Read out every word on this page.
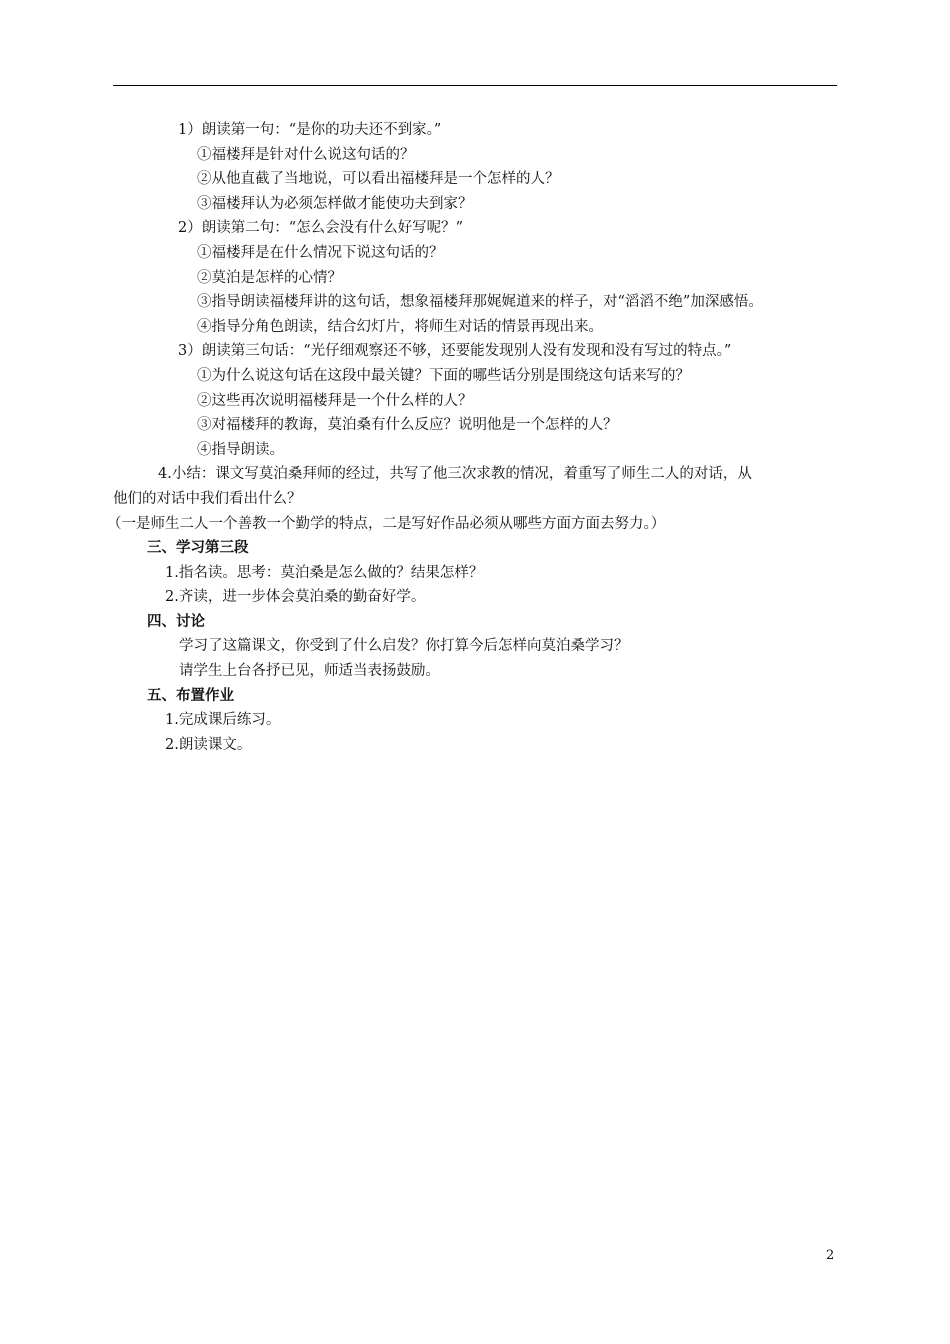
1）朗读第一句：“是你的功夫还不到家。”
①福楼拜是针对什么说这句话的？
②从他直截了当地说，可以看出福楼拜是一个怎样的人？
③福楼拜认为必须怎样做才能使功夫到家？
2）朗读第二句：“怎么会没有什么好写呢？”
①福楼拜是在什么情况下说这句话的？
②莫泊是怎样的心情？
③指导朗读福楼拜讲的这句话，想象福楼拜那娓娓道来的样子，对“滔滔不绝”加深感悟。
④指导分角色朗读，结合幻灯片，将师生对话的情景再现出来。
3）朗读第三句话：“光仔细观察还不够，还要能发现别人没有发现和没有写过的特点。”
①为什么说这句话在这段中最关键？下面的哪些话分别是围绕这句话来写的？
②这些再次说明福楼拜是一个什么样的人？
③对福楼拜的教诲，莫泊桑有什么反应？说明他是一个怎样的人？
④指导朗读。
4.小结：课文写莫泊桑拜师的经过，共写了他三次求教的情况，着重写了师生二人的对话，从
他们的对话中我们看出什么？
（一是师生二人一个善教一个勤学的特点，二是写好作品必须从哪些方面方面去努力。）
三、学习第三段
1.指名读。思考：莫泊桑是怎么做的？结果怎样？
2.齐读，进一步体会莫泊桑的勤奋好学。
四、讨论
学习了这篇课文，你受到了什么启发？你打算今后怎样向莫泊桑学习？
请学生上台各抒已见，师适当表扬鼓励。
五、布置作业
1.完成课后练习。
2.朗读课文。
2
